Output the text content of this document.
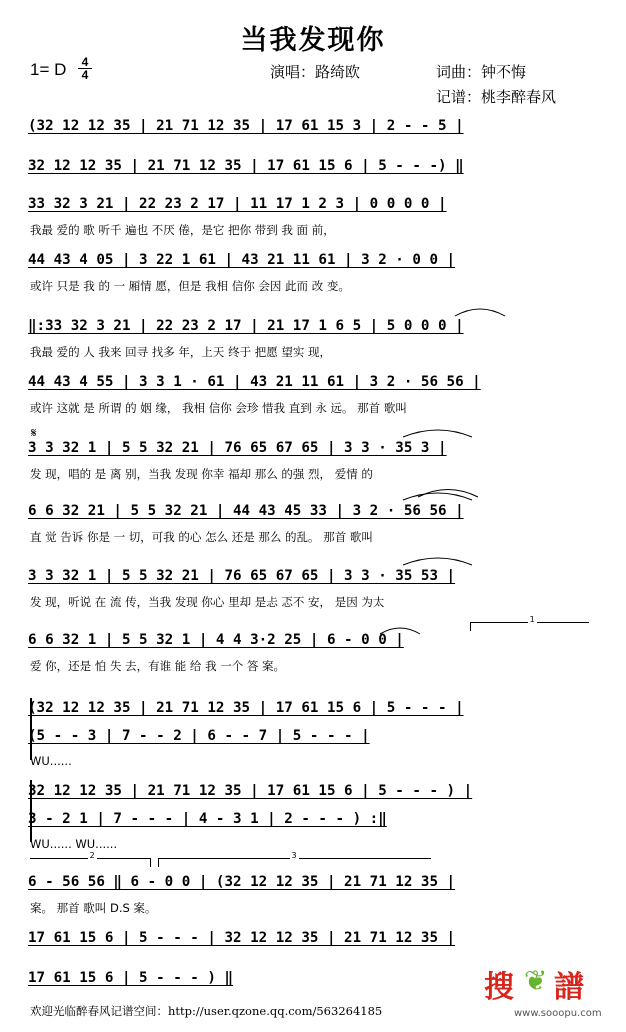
当我发现你
1= D	4
4	演唱：路绮欧	词曲：钟不悔
记谱：桃李醉春风
𝄋
(32 12 12 35 | 21 71 12 35 | 17 61 15 3 | 2 - - 5 |
32 12 12 35 | 21 71 12 35 | 17 61 15 6 | 5 - - -) ‖
33 32 3 21 | 22 23 2 17 | 11 17 1 2 3 | 0 0 0 0 |
我最 爱的 歌 听千 遍也 不厌 倦，是它 把你 带到 我 面 前，
44 43 4 05 | 3 22 1 61 | 43 21 11 61 | 3 2 · 0 0 |
或许 只是 我 的 一 厢情 愿，但是 我相 信你 会因 此而 改 变。
‖:33 32 3 21 | 22 23 2 17 | 21 17 1 6 5 | 5 0 0 0 |
我最 爱的 人 我来 回寻 找多 年，上天 终于 把愿 望实 现，
44 43 4 55 | 3 3 1 · 61 | 43 21 11 61 | 3 2 · 56 56 |
或许 这就 是 所谓 的 姻 缘， 我相 信你 会珍 惜我 直到 永 远。 那首 歌叫
3 3 32 1 | 5 5 32 21 | 76 65 67 65 | 3 3 · 35 3 |
发 现，唱的 是 离 别，当我 发现 你幸 福却 那么 的强 烈， 爱情 的
6 6 32 21 | 5 5 32 21 | 44 43 45 33 | 3 2 · 56 56 |
直 觉 告诉 你是 一 切，可我 的心 怎么 还是 那么 的乱。 那首 歌叫
3 3 32 1 | 5 5 32 21 | 76 65 67 65 | 3 3 · 35 53 |
发 现，听说 在 流 传，当我 发现 你心 里却 是忐 忑不 安， 是因 为太
6 6 32 1 | 5 5 32 1 | 4 4 3·2 25 | 6 - 0 0 |
爱 你，还是 怕 失 去，有谁 能 给 我 一个 答 案。
(32 12 12 35 | 21 71 12 35 | 17 61 15 6 | 5 - - - |
(5 - - 3 | 7 - - 2 | 6 - - 7 | 5 - - - |
WU......
32 12 12 35 | 21 71 12 35 | 17 61 15 6 | 5 - - - ) |
3 - 2 1 | 7 - - - | 4 - 3 1 | 2 - - - ) :‖
WU...... WU......
6 - 56 56 ‖ 6 - 0 0 | (32 12 12 35 | 21 71 12 35 |
案。 那首 歌叫 D.S 案。
17 61 15 6 | 5 - - - | 32 12 12 35 | 21 71 12 35 |
17 61 15 6 | 5 - - - ) ‖
1
2	3
欢迎光临醉春风记谱空间：http://user.qzone.qq.com/563264185
搜 ❦ 譜
www.sooopu.com
